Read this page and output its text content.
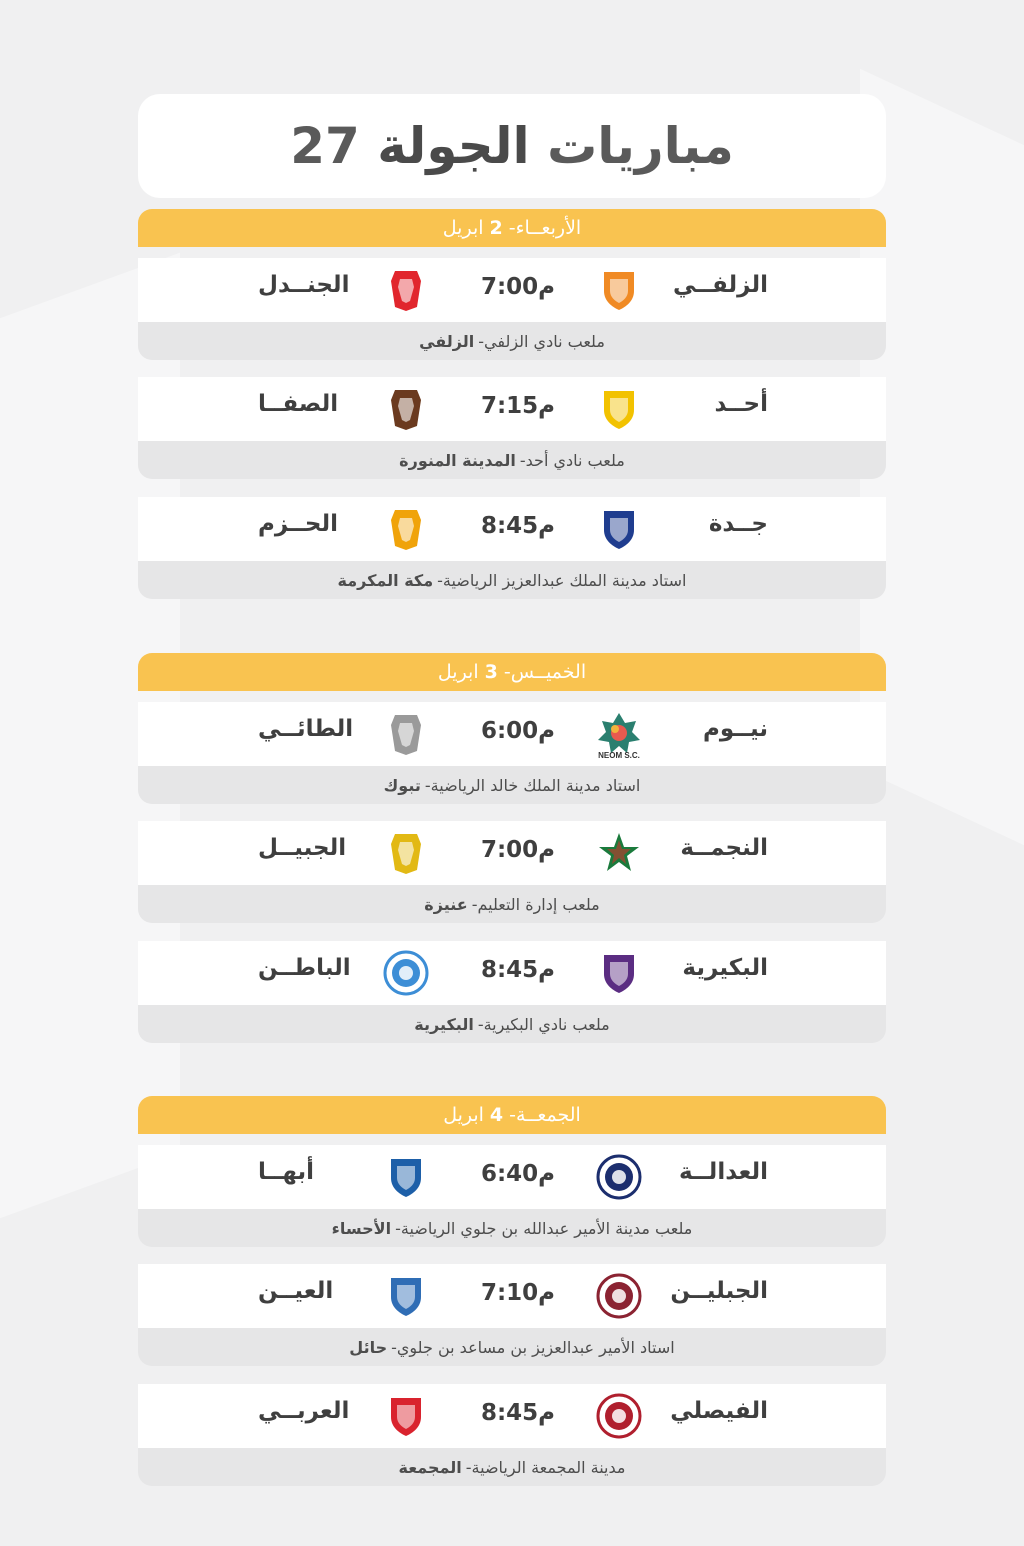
مباريات الجولة 27
الأربعــاء
-
2
ابريل
الزلفــي
7:00م
الجنــدل
ملعب نادي الزلفي
-
الزلفي
أحــد
7:15م
الصفــا
ملعب نادي أحد
-
المدينة المنورة
جــدة
8:45م
الحــزم
استاد مدينة الملك عبدالعزيز الرياضية
-
مكة المكرمة
الخميــس
-
3
ابريل
نيــوم
NEOM S.C.
6:00م
الطائــي
استاد مدينة الملك خالد الرياضية
-
تبوك
النجمــة
7:00م
الجبيــل
ملعب إدارة التعليم
-
عنيزة
البكيرية
8:45م
الباطــن
ملعب نادي البكيرية
-
البكيرية
الجمعــة
-
4
ابريل
العدالــة
6:40م
أبهــا
ملعب مدينة الأمير عبدالله بن جلوي الرياضية
-
الأحساء
الجبليــن
7:10م
العيــن
استاد الأمير عبدالعزيز بن مساعد بن جلوي
-
حائل
الفيصلي
8:45م
العربــي
مدينة المجمعة الرياضية
-
المجمعة
